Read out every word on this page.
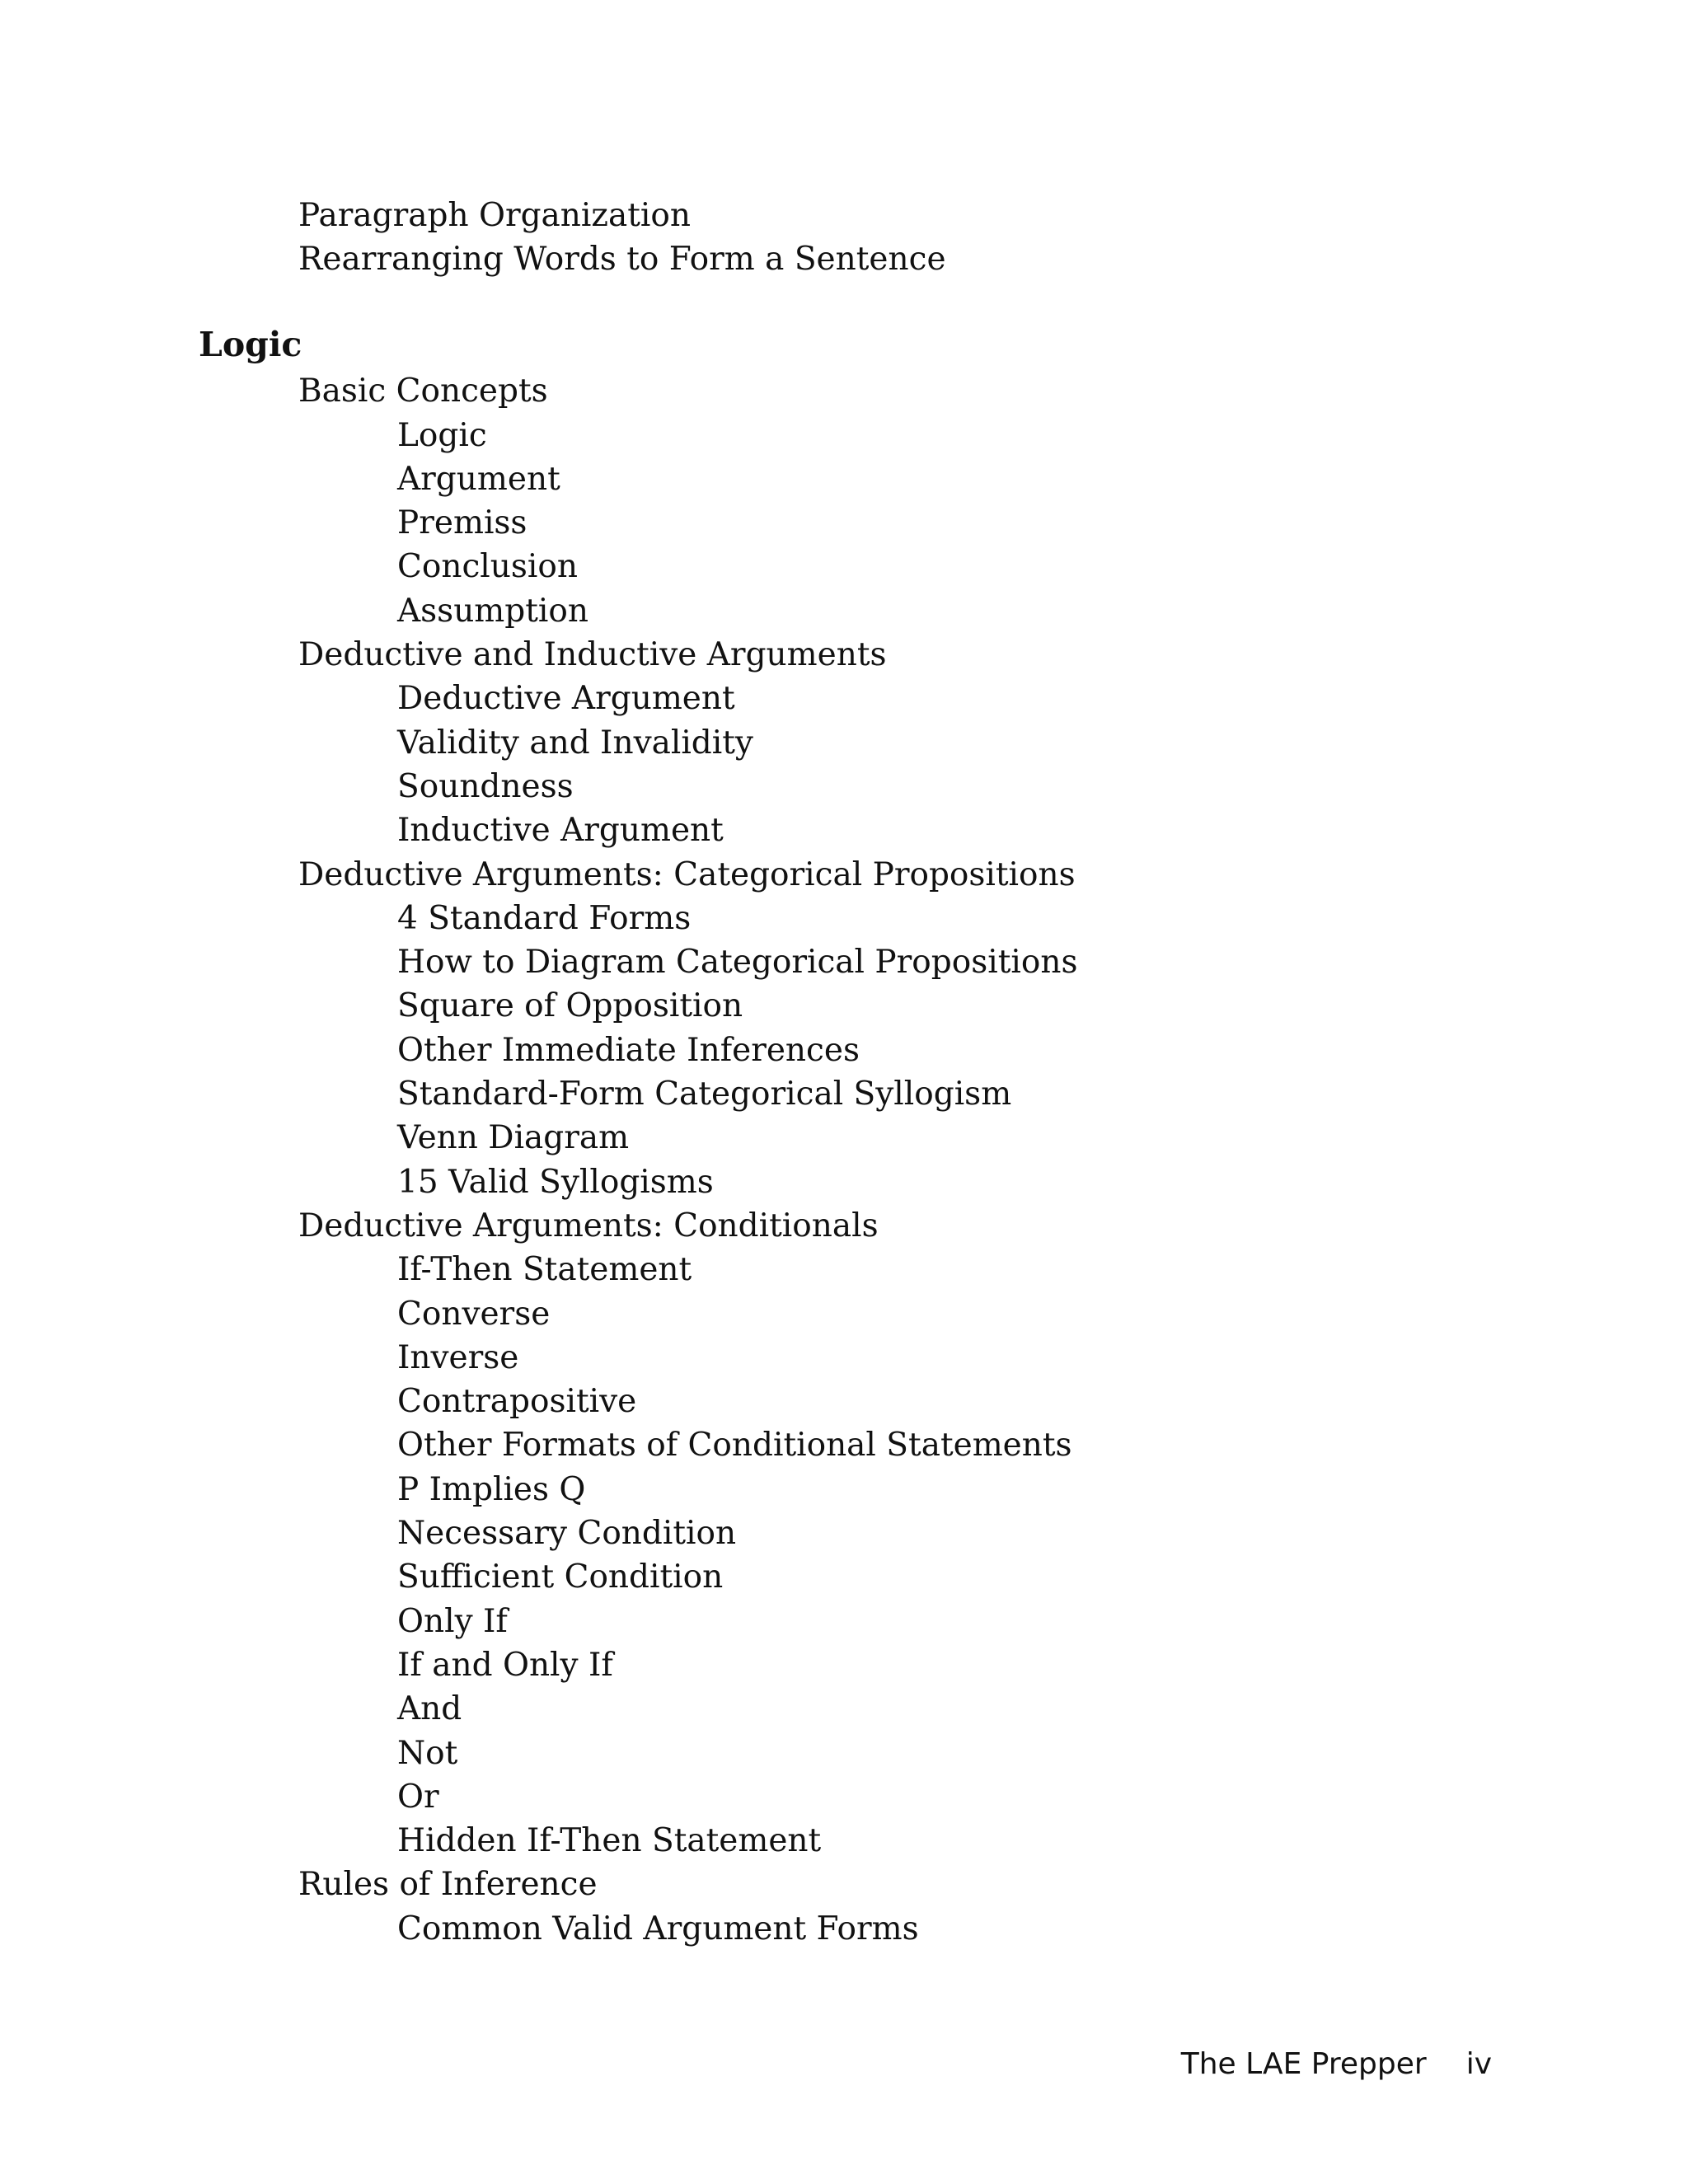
Paragraph Organization
Rearranging Words to Form a Sentence
Logic
Basic Concepts
Logic
Argument
Premiss
Conclusion
Assumption
Deductive and Inductive Arguments
Deductive Argument
Validity and Invalidity
Soundness
Inductive Argument
Deductive Arguments: Categorical Propositions
4 Standard Forms
How to Diagram Categorical Propositions
Square of Opposition
Other Immediate Inferences
Standard-Form Categorical Syllogism
Venn Diagram
15 Valid Syllogisms
Deductive Arguments: Conditionals
If-Then Statement
Converse
Inverse
Contrapositive
Other Formats of Conditional Statements
P Implies Q
Necessary Condition
Sufficient Condition
Only If
If and Only If
And
Not
Or
Hidden If-Then Statement
Rules of Inference
Common Valid Argument Forms
The LAE Prepper iv
